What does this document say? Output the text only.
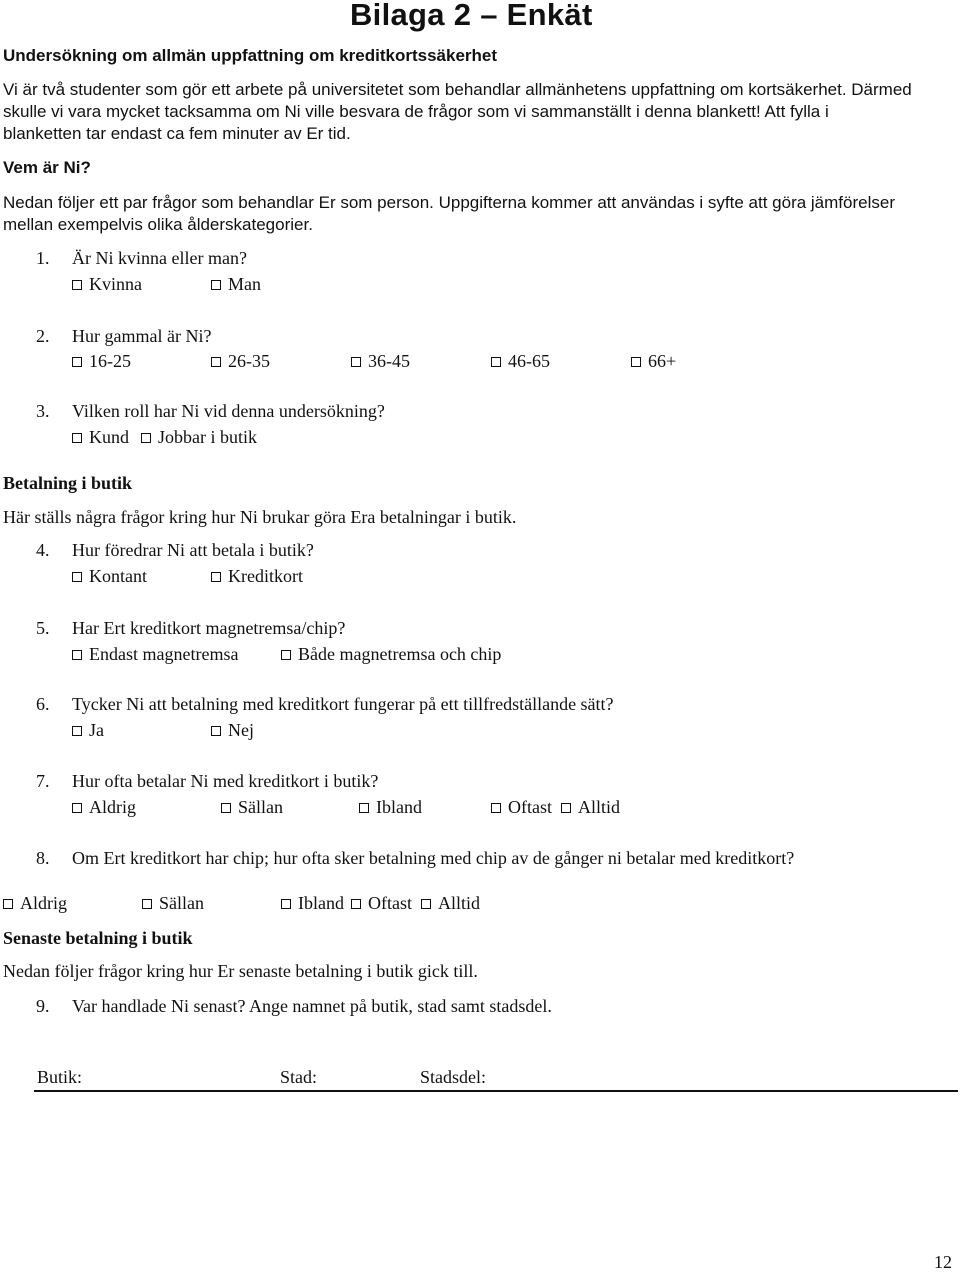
Bilaga 2 – Enkät
Undersökning om allmän uppfattning om kreditkortssäkerhet
Vi är två studenter som gör ett arbete på universitetet som behandlar allmänhetens uppfattning om kortsäkerhet. Därmed
skulle vi vara mycket tacksamma om Ni ville besvara de frågor som vi sammanställt i denna blankett! Att fylla i
blanketten tar endast ca fem minuter av Er tid.
Vem är Ni?
Nedan följer ett par frågor som behandlar Er som person. Uppgifterna kommer att användas i syfte att göra jämförelser
mellan exempelvis olika ålderskategorier.
1. Är Ni kvinna eller man?
Kvinna	Man
2. Hur gammal är Ni?
16-25	26-35	36-45	46-65	66+
3. Vilken roll har Ni vid denna undersökning?
Kund Jobbar i butik
Betalning i butik
Här ställs några frågor kring hur Ni brukar göra Era betalningar i butik.
4. Hur föredrar Ni att betala i butik?
Kontant	Kreditkort
5. Har Ert kreditkort magnetremsa/chip?
Endast magnetremsa	Både magnetremsa och chip
6. Tycker Ni att betalning med kreditkort fungerar på ett tillfredställande sätt?
Ja	Nej
7. Hur ofta betalar Ni med kreditkort i butik?
Aldrig	Sällan	Ibland	Oftast Alltid
8. Om Ert kreditkort har chip; hur ofta sker betalning med chip av de gånger ni betalar med kreditkort?
Aldrig	Sällan	Ibland Oftast Alltid
Senaste betalning i butik
Nedan följer frågor kring hur Er senaste betalning i butik gick till.
9. Var handlade Ni senast? Ange namnet på butik, stad samt stadsdel.
Butik:	Stad:	Stadsdel:
12
